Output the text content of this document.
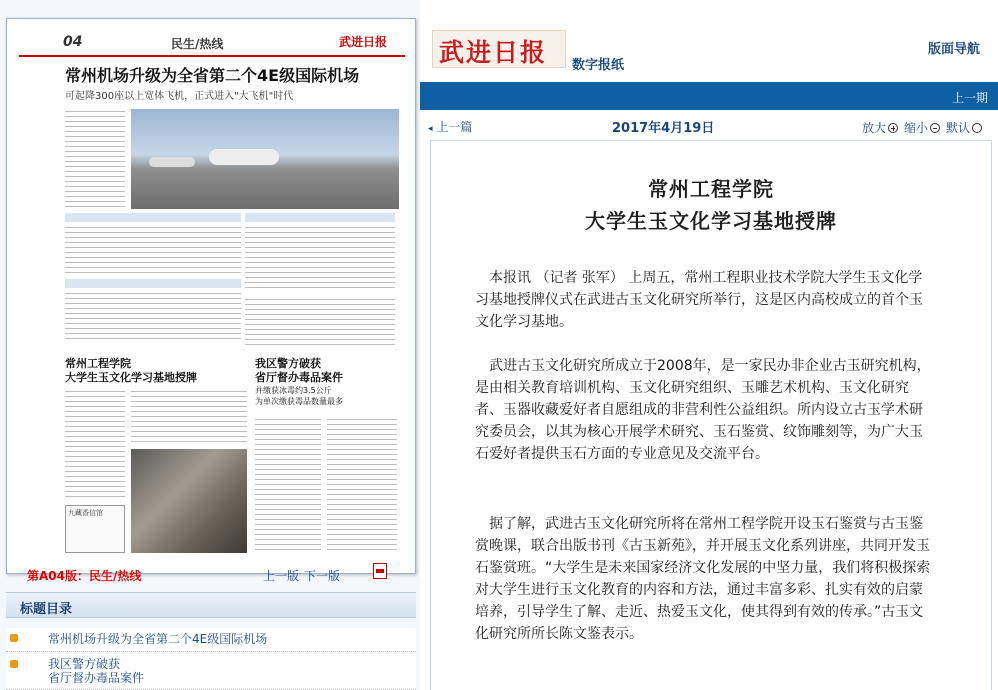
04	民生/热线	武进日报
常州机场升级为全省第二个4E级国际机场
可起降300座以上宽体飞机，正式进入"大飞机"时代
常州工程学院
大学生玉文化学习基地授牌
九藏香信馆
我区警方破获
省厅督办毒品案件
并缴获冰毒约3.5公斤
为单次缴获毒品数量最多
第A04版：民生/热线	上一版 下一版
标题目录
常州机场升级为全省第二个4E级国际机场
我区警方破获
省厅督办毒品案件
武进日报 数字报纸
版面导航
上一期
◂ 上一篇	2017年4月19日	放大	缩小	默认
常州工程学院
大学生玉文化学习基地授牌

本报讯 （记者 张军） 上周五，常州工程职业技术学院大学生玉文化学习基地授牌仪式在武进古玉文化研究所举行，这是区内高校成立的首个玉文化学习基地。

武进古玉文化研究所成立于2008年，是一家民办非企业古玉研究机构，是由相关教育培训机构、玉文化研究组织、玉雕艺术机构、玉文化研究者、玉器收藏爱好者自愿组成的非营利性公益组织。所内设立古玉学术研究委员会，以其为核心开展学术研究、玉石鉴赏、纹饰雕刻等，为广大玉石爱好者提供玉石方面的专业意见及交流平台。

据了解，武进古玉文化研究所将在常州工程学院开设玉石鉴赏与古玉鉴赏晚课，联合出版书刊《古玉新苑》，并开展玉文化系列讲座，共同开发玉石鉴赏班。“大学生是未来国家经济文化发展的中坚力量，我们将积极探索对大学生进行玉文化教育的内容和方法，通过丰富多彩、扎实有效的启蒙培养，引导学生了解、走近、热爱玉文化，使其得到有效的传承。”古玉文化研究所所长陈文鉴表示。
